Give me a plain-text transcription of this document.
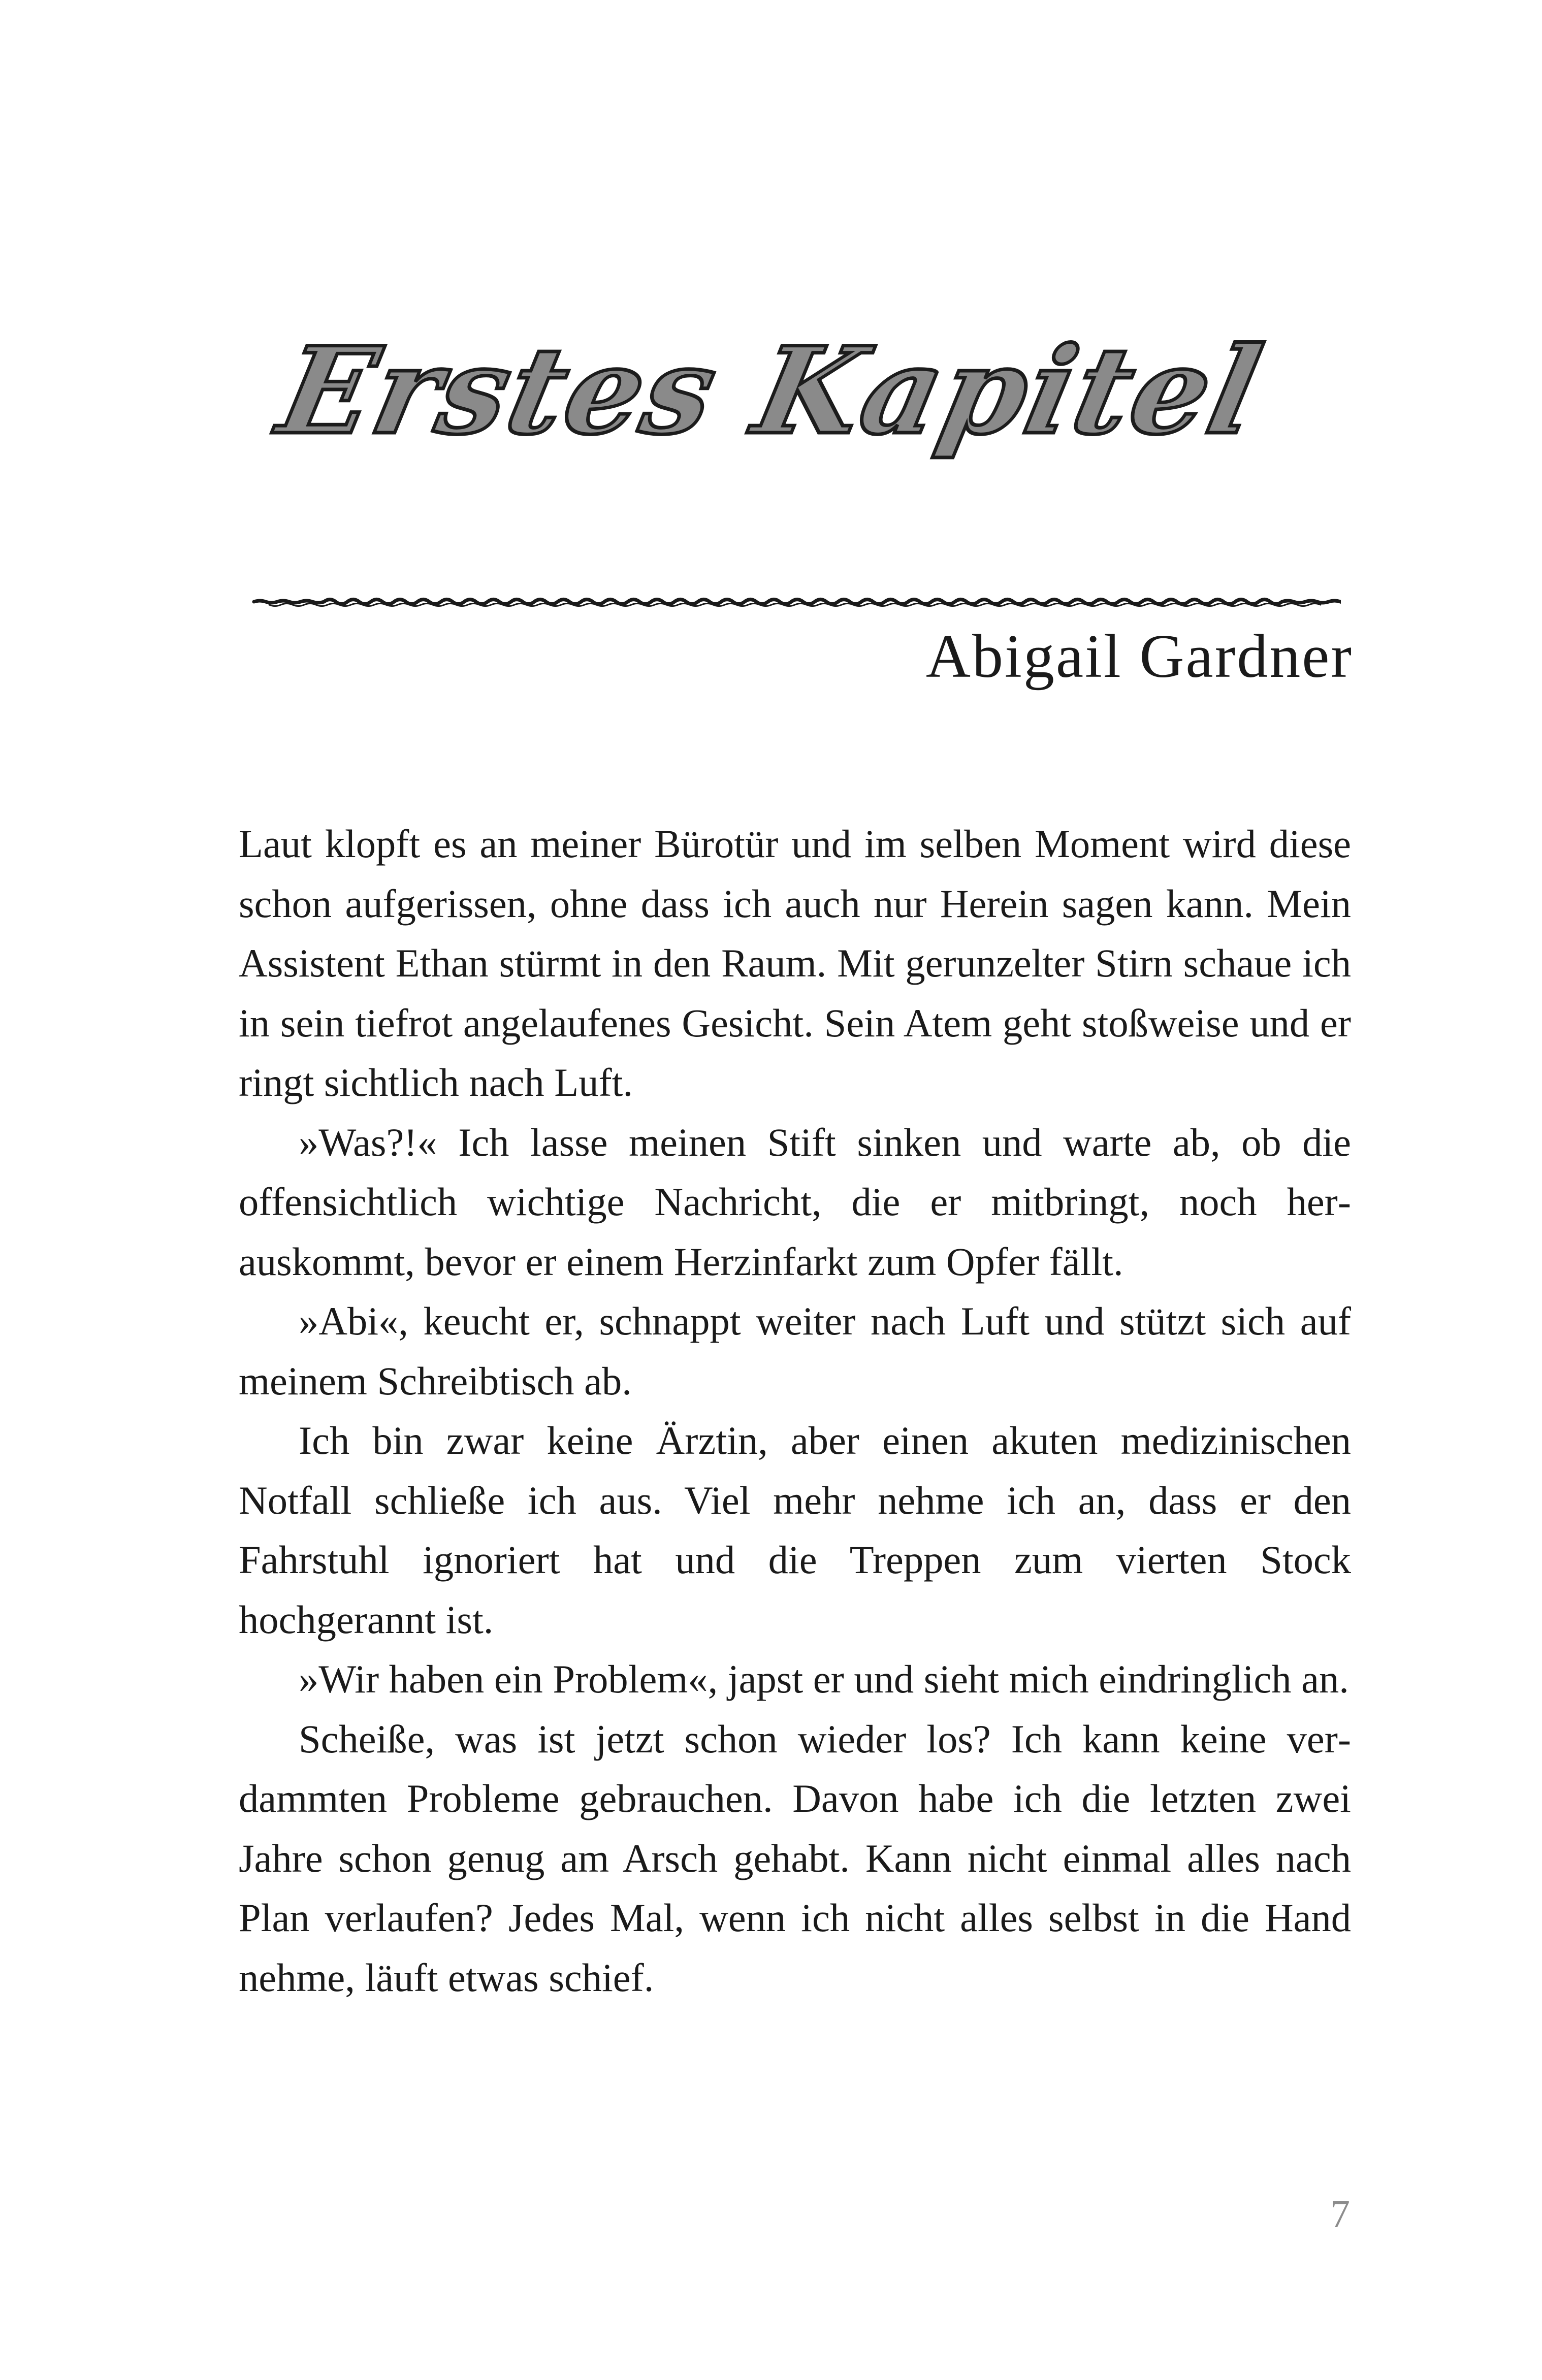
Erstes Kapitel
Abigail Gardner

Laut klopft es an meiner Bürotür und im selben Moment wird diese schon aufgerissen, ohne dass ich auch nur Herein sagen kann. Mein Assistent Ethan stürmt in den Raum. Mit gerunzelter Stirn schaue ich in sein tiefrot angelaufenes Gesicht. Sein Atem geht stoßweise und er ringt sichtlich nach Luft.

»Was?!« Ich lasse meinen Stift sinken und warte ab, ob die offensichtlich wichtige Nachricht, die er mitbringt, noch herauskommt, bevor er einem Herzinfarkt zum Opfer fällt.

»Abi«, keucht er, schnappt weiter nach Luft und stützt sich auf meinem Schreibtisch ab.

Ich bin zwar keine Ärztin, aber einen akuten medizinischen Notfall schließe ich aus. Viel mehr nehme ich an, dass er den Fahrstuhl ignoriert hat und die Treppen zum vierten Stock hochgerannt ist.

»Wir haben ein Problem«, japst er und sieht mich eindringlich an.

Scheiße, was ist jetzt schon wieder los? Ich kann keine verdammten Probleme gebrauchen. Davon habe ich die letzten zwei Jahre schon genug am Arsch gehabt. Kann nicht einmal alles nach Plan verlaufen? Jedes Mal, wenn ich nicht alles selbst in die Hand nehme, läuft etwas schief.

7
